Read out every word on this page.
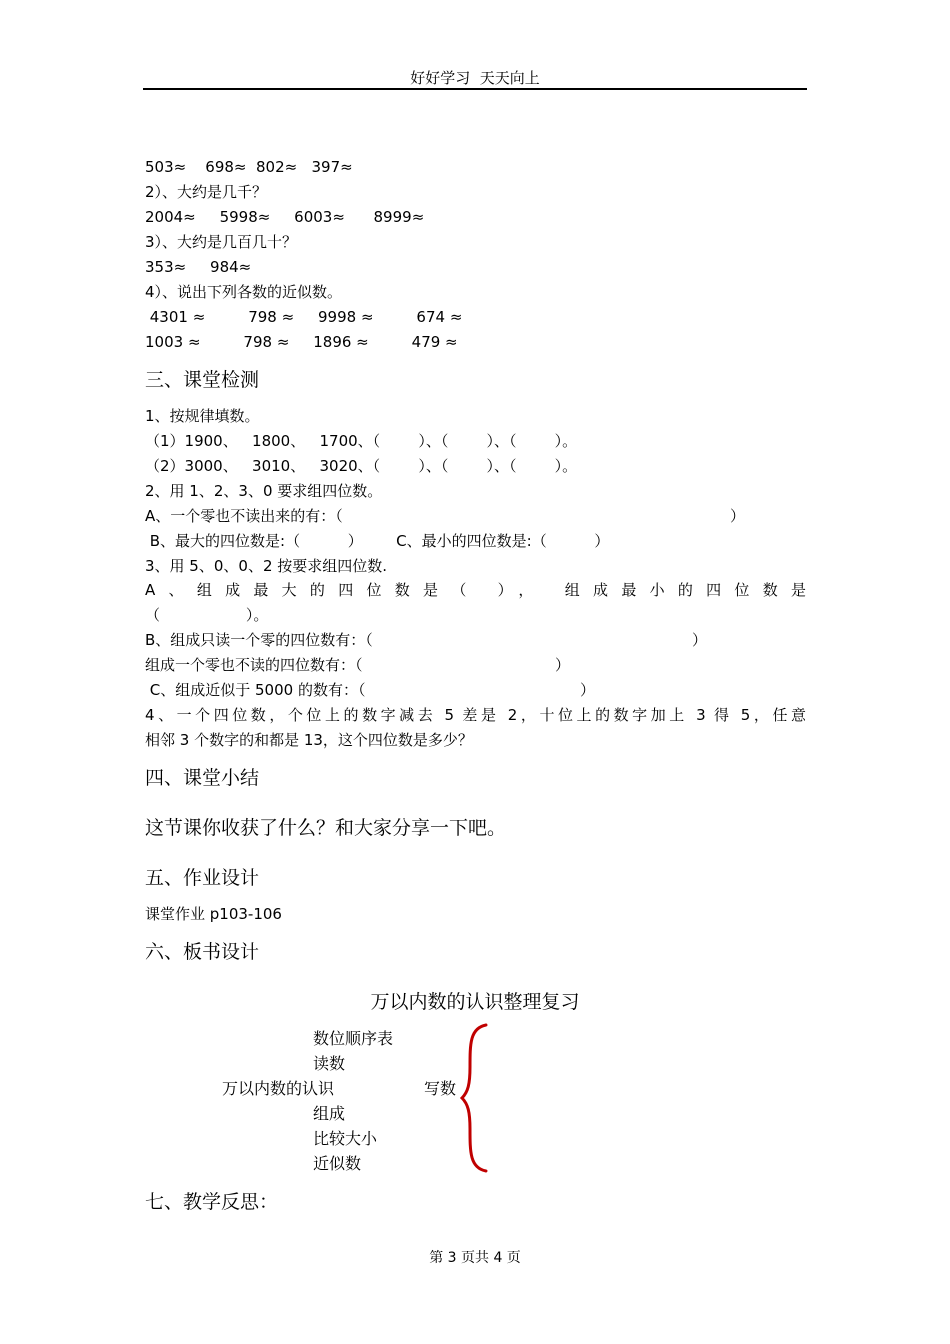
好好学习  天天向上
503≈    698≈  802≈   397≈
2）、大约是几千？
2004≈     5998≈     6003≈      8999≈
3）、大约是几百几十？
353≈     984≈
4）、说出下列各数的近似数。
4301 ≈         798 ≈     9998 ≈         674 ≈
1003 ≈         798 ≈     1896 ≈         479 ≈
三、课堂检测
1、按规律填数。
（1）1900、   1800、   1700、（        ）、（        ）、（        ）。
（2）3000、   3010、   3020、（        ）、（        ）、（        ）。
2、用 1、2、3、0 要求组四位数。
A、一个零也不读出来的有：（	）
B、最大的四位数是:（          ）       C、最小的四位数是:（          ）
3、用 5、0、0、2 按要求组四位数.
A、组成最大的四位数是（ ）， 组成最小的四位数是
（                  ）。
B、组成只读一个零的四位数有：（	）
组成一个零也不读的四位数有：（	）
C、组成近似于 5000 的数有：（	）
4、一个四位数，个位上的数字减去 5 差是 2，十位上的数字加上 3 得 5，任意
相邻 3 个数字的和都是 13，这个四位数是多少？
四、课堂小结
这节课你收获了什么？和大家分享一下吧。
五、作业设计
课堂作业 p103-106
六、板书设计
万以内数的认识整理复习
数位顺序表
读数
万以内数的认识	写数
组成
比较大小
近似数
七、教学反思：
第 3 页共 4 页
